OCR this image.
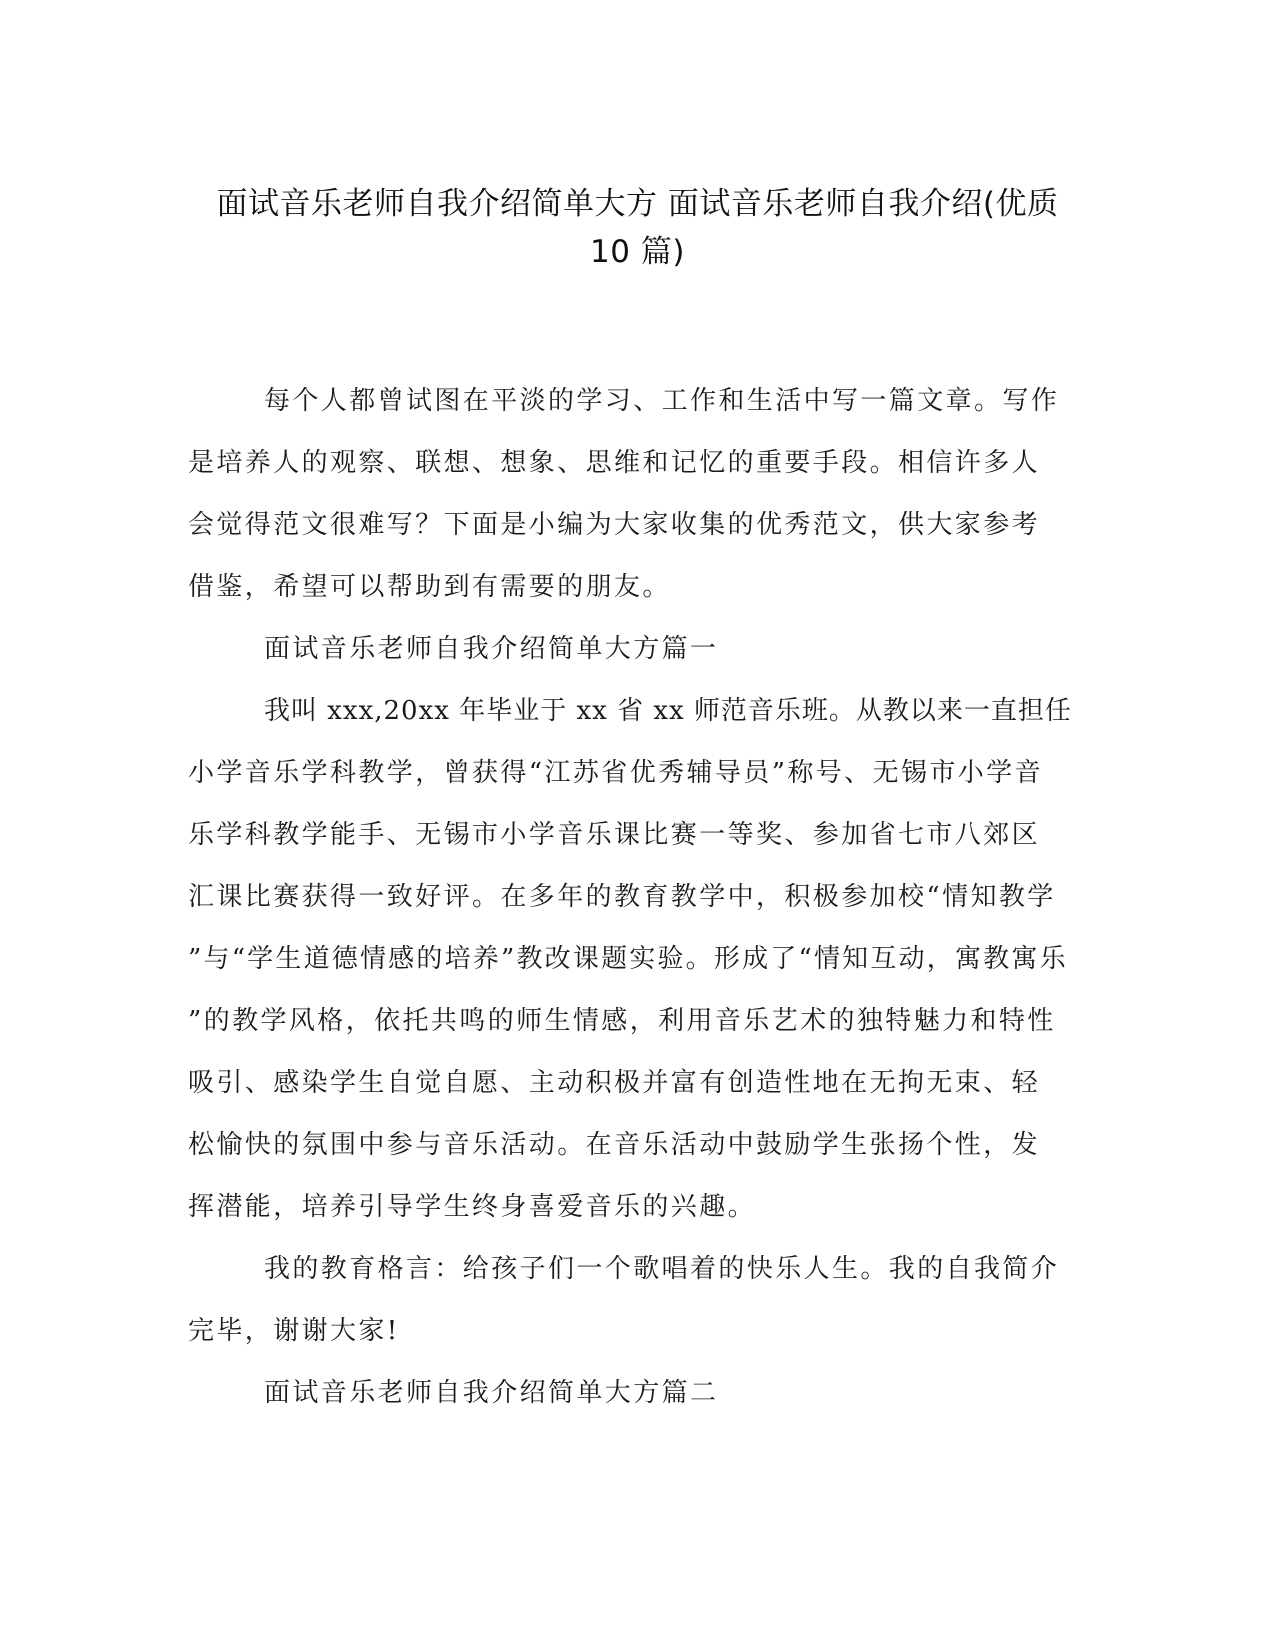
面试音乐老师自我介绍简单大方 面试音乐老师自我介绍(优质
10 篇)
每个人都曾试图在平淡的学习、工作和生活中写一篇文章。写作
是培养人的观察、联想、想象、思维和记忆的重要手段。相信许多人
会觉得范文很难写？下面是小编为大家收集的优秀范文，供大家参考
借鉴，希望可以帮助到有需要的朋友。
面试音乐老师自我介绍简单大方篇一
我叫 xxx,20xx 年毕业于 xx 省 xx 师范音乐班。从教以来一直担任
小学音乐学科教学，曾获得“江苏省优秀辅导员”称号、无锡市小学音
乐学科教学能手、无锡市小学音乐课比赛一等奖、参加省七市八郊区
汇课比赛获得一致好评。在多年的教育教学中，积极参加校“情知教学
”与“学生道德情感的培养”教改课题实验。形成了“情知互动，寓教寓乐
”的教学风格，依托共鸣的师生情感，利用音乐艺术的独特魅力和特性
吸引、感染学生自觉自愿、主动积极并富有创造性地在无拘无束、轻
松愉快的氛围中参与音乐活动。在音乐活动中鼓励学生张扬个性，发
挥潜能，培养引导学生终身喜爱音乐的兴趣。
我的教育格言：给孩子们一个歌唱着的快乐人生。我的自我简介
完毕，谢谢大家!
面试音乐老师自我介绍简单大方篇二
